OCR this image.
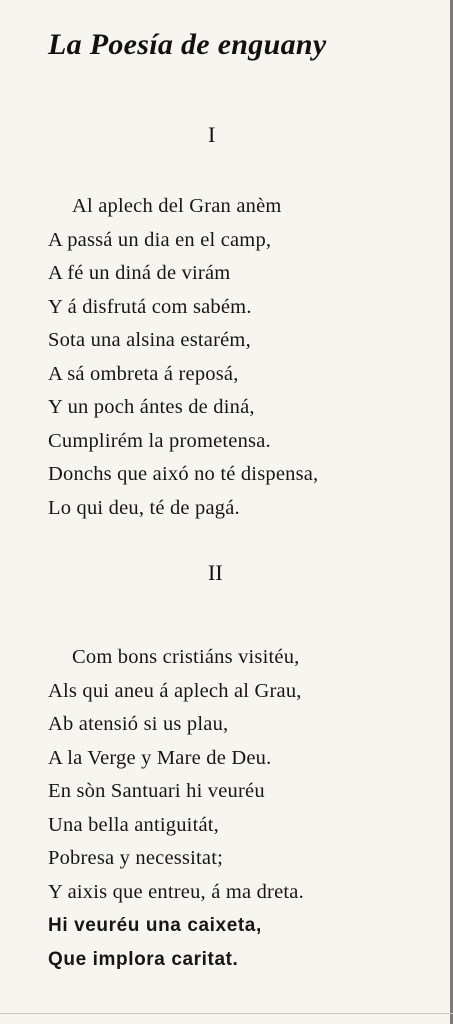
La Poesía de enguany
I
Al aplech del Gran anèm
A passá un dia en el camp,
A fé un diná de virám
Y á disfrutá com sabém.
Sota una alsina estarém,
A sá ombreta á reposá,
Y un poch ántes de diná,
Cumplirém la prometensa.
Donchs que aixó no té dispensa,
Lo qui deu, té de pagá.
II
Com bons cristiáns visitéu,
Als qui aneu á aplech al Grau,
Ab atensió si us plau,
A la Verge y Mare de Deu.
En sòn Santuari hi veuréu
Una bella antiguitát,
Pobresa y necessitat;
Y aixis que entreu, á ma dreta.
Hi veuréu una caixeta,
Que implora caritat.
